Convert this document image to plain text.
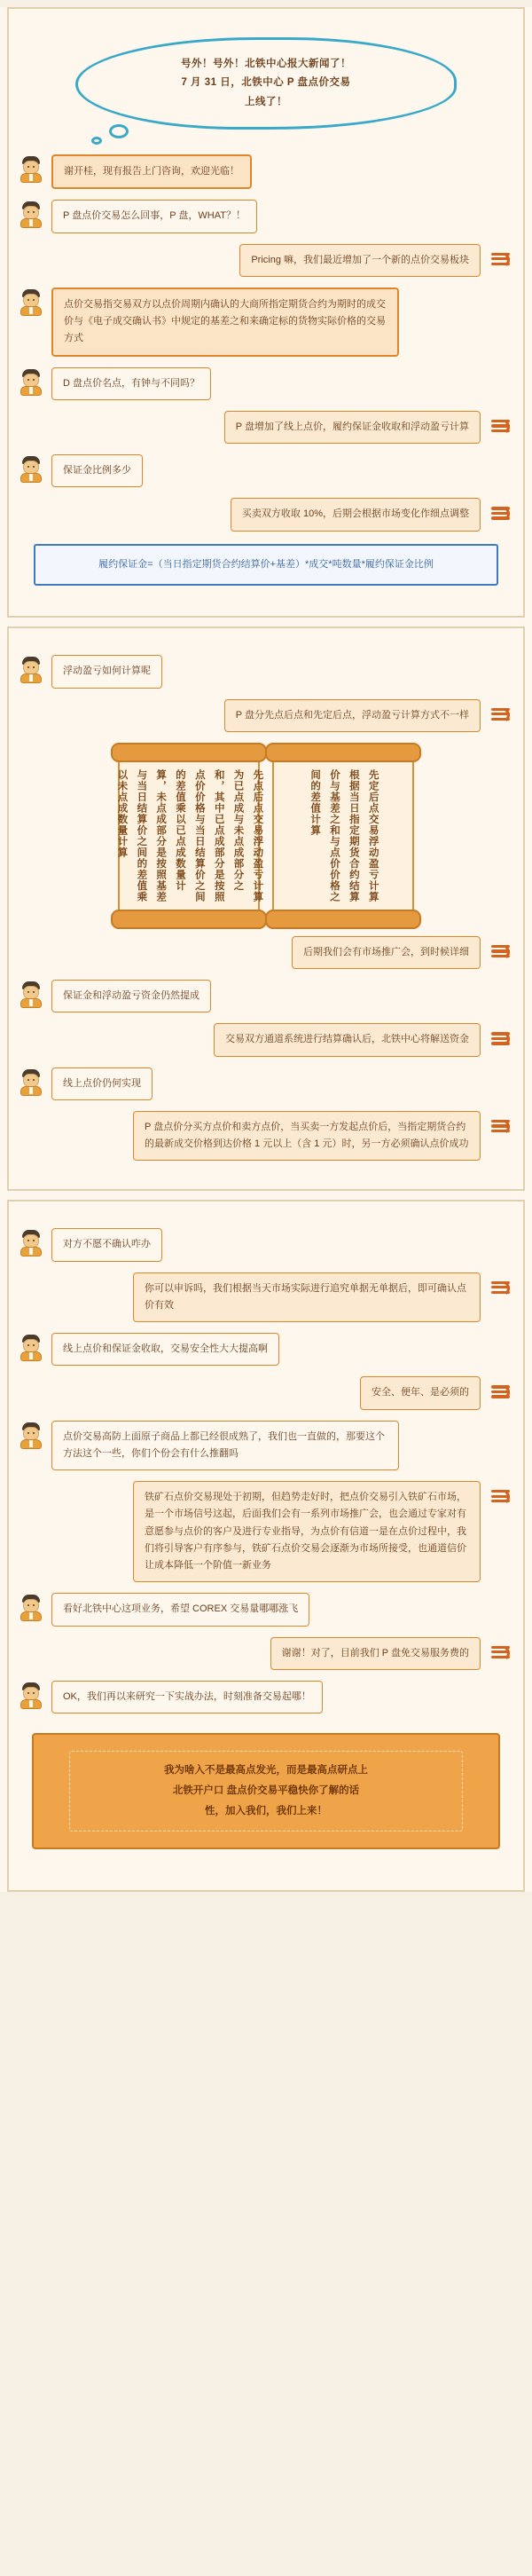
号外！号外！北铁中心报大新闻了！
7 月 31 日，北铁中心 P 盘点价交易
上线了！
谢开桂，现有报告上门咨询，欢迎光临！
P 盘点价交易怎么回事，P 盘，WHAT？！
Pricing 嘛，我们最近增加了一个新的点价交易板块
点价交易指交易双方以点价周期内确认的大商所指定期货合约为期时的成交价与《电子成交确认书》中规定的基差之和来确定标的货物实际价格的交易方式
D 盘点价名点，有钟与不同吗？
P 盘增加了线上点价，履约保证金收取和浮动盈亏计算
保证金比例多少
买卖双方收取 10%，后期会根据市场变化作细点调整
履约保证金=（当日指定期货合约结算价+基差）*成交*吨数量*履约保证金比例
浮动盈亏如何计算呢
P 盘分先点后点和先定后点，浮动盈亏计算方式不一样
先点后点交易浮动盈亏计算为已点成与未点成部分之和，其中已点成部分是按照点价价格与当日结算价之间的差值乘以已点成数量计算，未点成部分是按照基差与当日结算价之间的差值乘以未点成数量计算	先定后点交易浮动盈亏计算根据当日指定期货合约结算价与基差之和与点价价格之间的差值计算
后期我们会有市场推广会，到时候详细
保证金和浮动盈亏资金仍然提成
交易双方通道系统进行结算确认后，北铁中心将解送资金
线上点价仍何实现
P 盘点价分买方点价和卖方点价，当买卖一方发起点价后，当指定期货合约的最新成交价格到达价格 1 元以上（含 1 元）时，另一方必须确认点价成功
对方不愿不确认咋办
你可以申诉吗，我们根据当天市场实际进行追究单据无单据后，即可确认点价有效
线上点价和保证金收取，交易安全性大大提高啊
安全、便年、是必须的
点价交易高防上面原子商品上都已经很成熟了，我们也一直做的，那要这个方法这个一些，你们个份会有什么推翻吗
铁矿石点价交易现处于初期，但趋势走好时，把点价交易引入铁矿石市场，是一个市场信号这起，后面我们会有一系列市场推广会，也会通过专家对有意愿参与点价的客户及进行专业指导，为点价有信道一是在点价过程中，我们将引导客户有序参与，铁矿石点价交易会逐渐为市场所接受，也通道信价让成本降低一个阶值一新业务
看好北铁中心这项业务，希望 COREX 交易量哪哪涨飞
谢谢！对了，目前我们 P 盘免交易服务费的
OK，我们再以来研究一下实战办法，时刻准备交易起哪！
我为啥入不是最高点发光，而是最高点研点上
北铁开户口 盘点价交易平稳快你了解的话
性，加入我们，我们上来！
